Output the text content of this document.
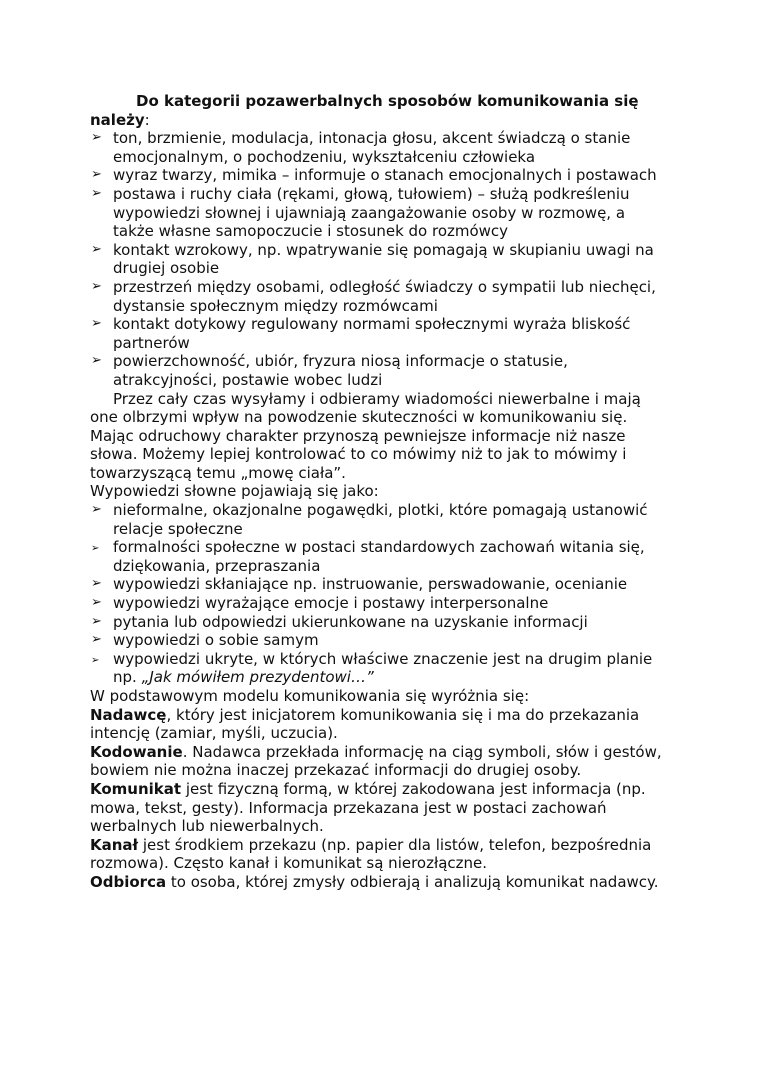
Do kategorii pozawerbalnych sposobów komunikowania się
należy:
➢ ton, brzmienie, modulacja, intonacja głosu, akcent świadczą o stanie emocjonalnym, o pochodzeniu, wykształceniu człowieka
➢ wyraz twarzy, mimika – informuje o stanach emocjonalnych i postawach
➢ postawa i ruchy ciała (rękami, głową, tułowiem) – służą podkreśleniu wypowiedzi słownej i ujawniają zaangażowanie osoby w rozmowę, a także własne samopoczucie i stosunek do rozmówcy
➢ kontakt wzrokowy, np. wpatrywanie się pomagają w skupianiu uwagi na drugiej osobie
➢ przestrzeń między osobami, odległość świadczy o sympatii lub niechęci, dystansie społecznym między rozmówcami
➢ kontakt dotykowy regulowany normami społecznymi wyraża bliskość partnerów
➢ powierzchowność, ubiór, fryzura niosą informacje o statusie, atrakcyjności, postawie wobec ludzi

Przez cały czas wysyłamy i odbieramy wiadomości niewerbalne i mają one olbrzymi wpływ na powodzenie skuteczności w komunikowaniu się. Mając odruchowy charakter przynoszą pewniejsze informacje niż nasze słowa. Możemy lepiej kontrolować to co mówimy niż to jak to mówimy i towarzyszącą temu „mowę ciała”.

Wypowiedzi słowne pojawiają się jako:

➢ nieformalne, okazjonalne pogawędki, plotki, które pomagają ustanowić relacje społeczne
➢ formalności społeczne w postaci standardowych zachowań witania się, dziękowania, przepraszania
➢ wypowiedzi skłaniające np. instruowanie, perswadowanie, ocenianie
➢ wypowiedzi wyrażające emocje i postawy interpersonalne
➢ pytania lub odpowiedzi ukierunkowane na uzyskanie informacji
➢ wypowiedzi o sobie samym
➢ wypowiedzi ukryte, w których właściwe znaczenie jest na drugim planie np. „Jak mówiłem prezydentowi…”

W podstawowym modelu komunikowania się wyróżnia się:

Nadawcę, który jest inicjatorem komunikowania się i ma do przekazania intencję (zamiar, myśli, uczucia).

Kodowanie. Nadawca przekłada informację na ciąg symboli, słów i gestów, bowiem nie można inaczej przekazać informacji do drugiej osoby.

Komunikat jest fizyczną formą, w której zakodowana jest informacja (np. mowa, tekst, gesty). Informacja przekazana jest w postaci zachowań werbalnych lub niewerbalnych.

Kanał jest środkiem przekazu (np. papier dla listów, telefon, bezpośrednia rozmowa). Często kanał i komunikat są nierozłączne.

Odbiorca to osoba, której zmysły odbierają i analizują komunikat nadawcy.
